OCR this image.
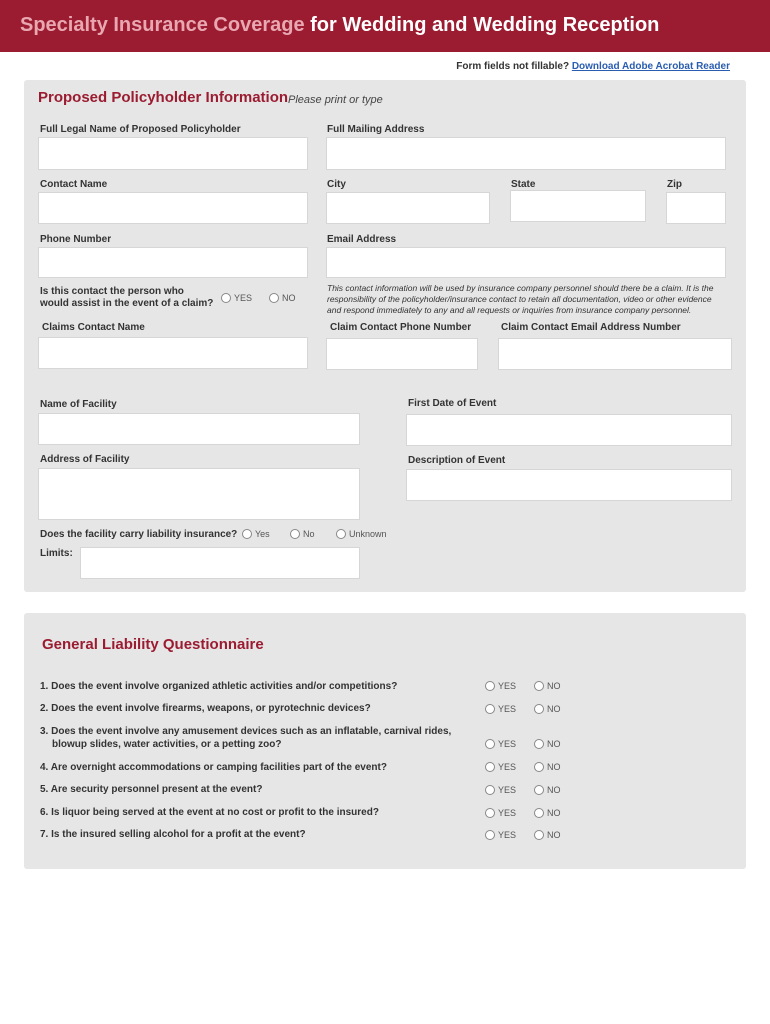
Specialty Insurance Coverage for Wedding and Wedding Reception
Form fields not fillable? Download Adobe Acrobat Reader
Proposed Policyholder Information Please print or type
Full Legal Name of Proposed Policyholder	Full Mailing Address
Contact Name	City	State	Zip
Phone Number	Email Address
Is this contact the person who
would assist in the event of a claim? YES	NO
This contact information will be used by insurance company personnel should there be a claim. It is the responsibility of the policyholder/insurance contact to retain all documentation, video or other evidence and respond immediately to any and all requests or inquiries from insurance company personnel.
Claims Contact Name	Claim Contact Phone Number	Claim Contact Email Address Number
Name of Facility	First Date of Event
Address of Facility	Description of Event
Does the facility carry liability insurance? Yes	No	Unknown
Limits:
General Liability Questionnaire
1. Does the event involve organized athletic activities and/or competitions?	YES	NO
2. Does the event involve firearms, weapons, or pyrotechnic devices?	YES	NO
3. Does the event involve any amusement devices such as an inflatable, carnival rides,
blowup slides, water activities, or a petting zoo?	YES	NO
4. Are overnight accommodations or camping facilities part of the event?	YES	NO
5. Are security personnel present at the event?	YES	NO
6. Is liquor being served at the event at no cost or profit to the insured?	YES	NO
7. Is the insured selling alcohol for a profit at the event?	YES	NO
